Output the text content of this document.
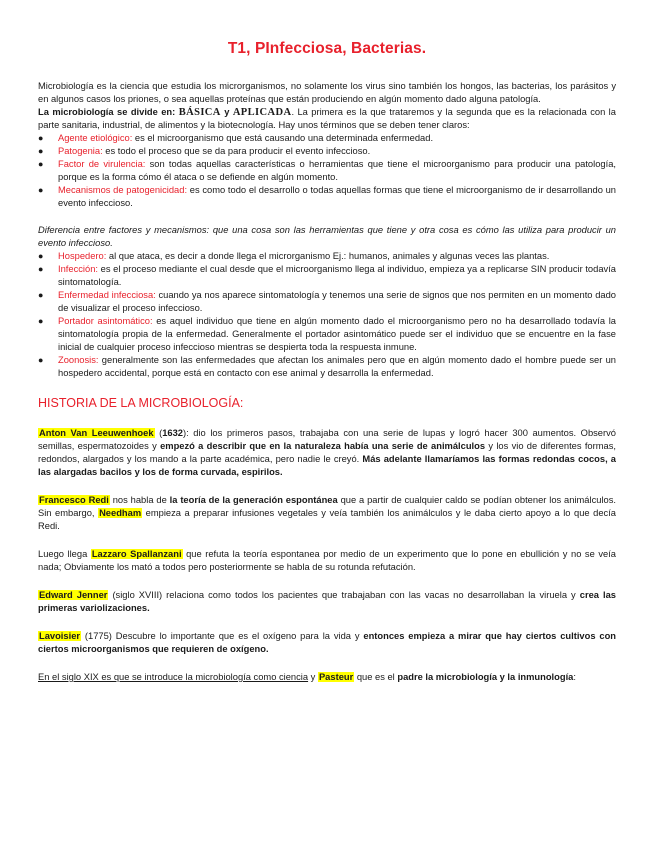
T1, PInfecciosa, Bacterias.

Microbiología es la ciencia que estudia los microrganismos, no solamente los virus sino también los hongos, las bacterias, los parásitos y en algunos casos los priones, o sea aquellas proteínas que están produciendo en algún momento dado alguna patología.

La microbiología se divide en: BÁSICA y APLICADA. La primera es la que trataremos y la segunda que es la relacionada con la parte sanitaria, industrial, de alimentos y la biotecnología. Hay unos términos que se deben tener claros:

● Agente etiológico: es el microorganismo que está causando una determinada enfermedad.
● Patogenia: es todo el proceso que se da para producir el evento infeccioso.
● Factor de virulencia: son todas aquellas características o herramientas que tiene el microorganismo para producir una patología, porque es la forma cómo él ataca o se defiende en algún momento.
● Mecanismos de patogenicidad: es como todo el desarrollo o todas aquellas formas que tiene el microorganismo de ir desarrollando un evento infeccioso.

Diferencia entre factores y mecanismos: que una cosa son las herramientas que tiene y otra cosa es cómo las utiliza para producir un evento infeccioso.

● Hospedero: al que ataca, es decir a donde llega el microrganismo Ej.: humanos, animales y algunas veces las plantas.
● Infección: es el proceso mediante el cual desde que el microorganismo llega al individuo, empieza ya a replicarse SIN producir todavía sintomatología.
● Enfermedad infecciosa: cuando ya nos aparece sintomatología y tenemos una serie de signos que nos permiten en un momento dado de visualizar el proceso infeccioso.
● Portador asintomático: es aquel individuo que tiene en algún momento dado el microorganismo pero no ha desarrollado todavía la sintomatología propia de la enfermedad. Generalmente el portador asintomático puede ser el individuo que se encuentre en la fase inicial de cualquier proceso infeccioso mientras se despierta toda la respuesta inmune.
● Zoonosis: generalmente son las enfermedades que afectan los animales pero que en algún momento dado el hombre puede ser un hospedero accidental, porque está en contacto con ese animal y desarrolla la enfermedad.

HISTORIA DE LA MICROBIOLOGÍA:

Anton Van Leeuwenhoek (1632): dio los primeros pasos, trabajaba con una serie de lupas y logró hacer 300 aumentos. Observó semillas, espermatozoides y empezó a describir que en la naturaleza había una serie de animálculos y los vio de diferentes formas, redondos, alargados y los mando a la parte académica, pero nadie le creyó. Más adelante llamaríamos las formas redondas cocos, a las alargadas bacilos y los de forma curvada, espirilos.

Francesco Redi nos habla de la teoría de la generación espontánea que a partir de cualquier caldo se podían obtener los animálculos. Sin embargo, Needham empieza a preparar infusiones vegetales y veía también los animálculos y le daba cierto apoyo a lo que decía Redi.

Luego llega Lazzaro Spallanzani que refuta la teoría espontanea por medio de un experimento que lo pone en ebullición y no se veía nada; Obviamente los mató a todos pero posteriormente se habla de su rotunda refutación.

Edward Jenner (siglo XVIII) relaciona como todos los pacientes que trabajaban con las vacas no desarrollaban la viruela y crea las primeras variolizaciones.

Lavoisier (1775) Descubre lo importante que es el oxígeno para la vida y entonces empieza a mirar que hay ciertos cultivos con ciertos microorganismos que requieren de oxígeno.

En el siglo XIX es que se introduce la microbiología como ciencia y Pasteur que es el padre la microbiología y la inmunología:
